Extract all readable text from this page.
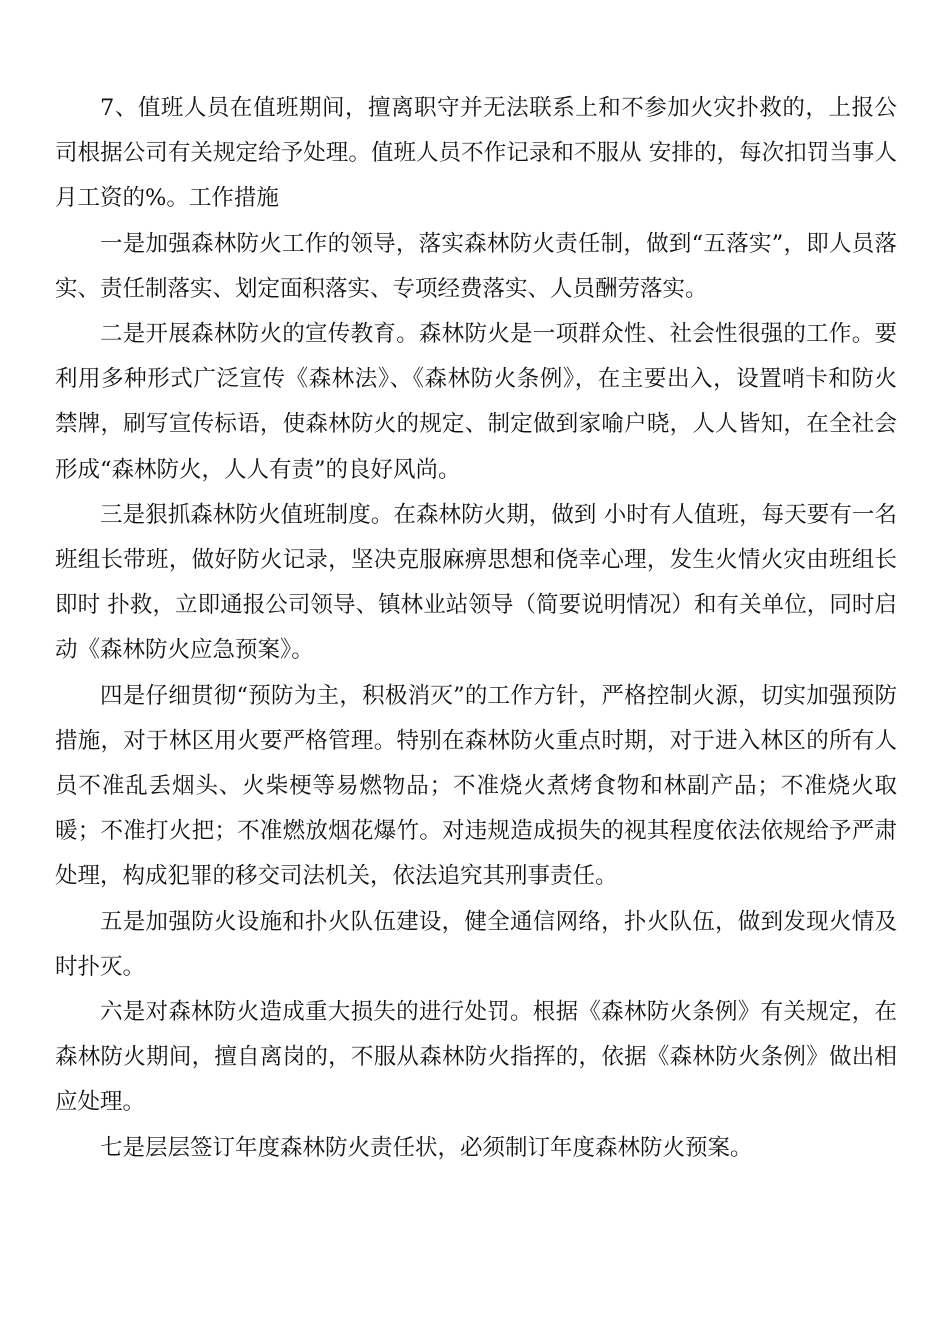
7、值班人员在值班期间，擅离职守并无法联系上和不参加火灾扑救的，上报公司根据公司有关规定给予处理。值班人员不作记录和不服从 安排的，每次扣罚当事人月工资的%。工作措施

一是加强森林防火工作的领导，落实森林防火责任制，做到“五落实”，即人员落实、责任制落实、划定面积落实、专项经费落实、人员酬劳落实。

二是开展森林防火的宣传教育。森林防火是一项群众性、社会性很强的工作。要利用多种形式广泛宣传《森林法》、《森林防火条例》，在主要出入，设置哨卡和防火禁牌，刷写宣传标语，使森林防火的规定、制定做到家喻户晓，人人皆知，在全社会形成“森林防火，人人有责”的良好风尚。

三是狠抓森林防火值班制度。在森林防火期，做到 小时有人值班，每天要有一名班组长带班，做好防火记录，坚决克服麻痹思想和侥幸心理，发生火情火灾由班组长即时 扑救，立即通报公司领导、镇林业站领导（简要说明情况）和有关单位，同时启动《森林防火应急预案》。

四是仔细贯彻“预防为主，积极消灭”的工作方针，严格控制火源，切实加强预防措施，对于林区用火要严格管理。特别在森林防火重点时期，对于进入林区的所有人员不准乱丢烟头、火柴梗等易燃物品；不准烧火煮烤食物和林副产品；不准烧火取暖；不准打火把；不准燃放烟花爆竹。对违规造成损失的视其程度依法依规给予严肃处理，构成犯罪的移交司法机关，依法追究其刑事责任。

五是加强防火设施和扑火队伍建设，健全通信网络，扑火队伍，做到发现火情及时扑灭。

六是对森林防火造成重大损失的进行处罚。根据《森林防火条例》有关规定，在森林防火期间，擅自离岗的，不服从森林防火指挥的，依据《森林防火条例》做出相应处理。

七是层层签订年度森林防火责任状，必须制订年度森林防火预案。
